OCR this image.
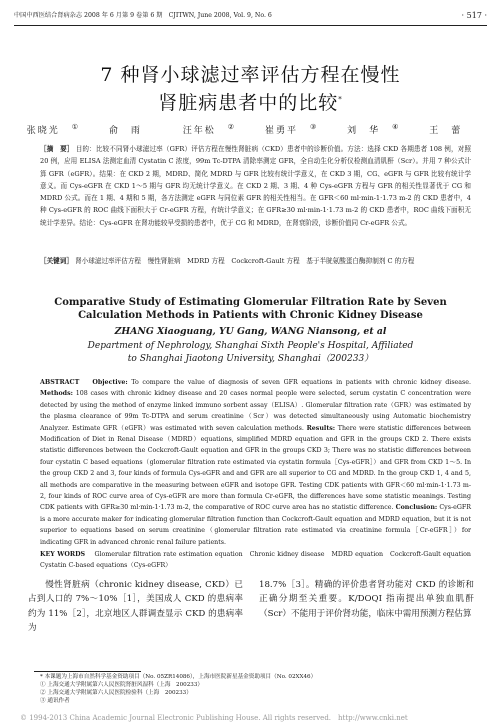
中国中西医结合肾病杂志 2008 年 6 月第 9 卷第 6 期　CJITWN, June 2008, Vol. 9, No. 6	· 517 ·
7 种肾小球滤过率评估方程在慢性
肾脏病患者中的比较*
张晓光 ①	俞　雨	汪年松 ②	崔勇平 ③	刘　华 ④	王　蕾
［摘　要］ 目的：比较不同肾小球滤过率（GFR）评估方程在慢性肾脏病（CKD）患者中的诊断价值。方法：选择 CKD 各期患者 108 例，对照 20 例，应用 ELISA 法测定血清 Cystatin C 浓度，99m Tc-DTPA 清除率测定 GFR，全自动生化分析仪检测血清肌酐（Scr）。并用 7 种公式计算 GFR（eGFR）。结果：在 CKD 2 期，MDRD、简化 MDRD 与 GFR 比较有统计学意义，在 CKD 3 期，CG、eGFR 与 GFR 比较有统计学意义。而 Cys-eGFR 在 CKD 1～5 期与 GFR 均无统计学意义。在 CKD 2 期、3 期、4 种 Cys-eGFR 方程与 GFR 的相关性显著优于 CG 和 MDRD 公式。而在 1 期、4 期和 5 期，各方法测定 eGFR 与同位素 GFR 的相关性相当。在 GFR＜60 ml·min-1·1.73 m-2 的 CKD 患者中，4 种 Cys-eGFR 的 ROC 曲线下面积大于 Cr-eGFR 方程，有统计学意义；在 GFR≥30 ml·min-1·1.73 m-2 的 CKD 患者中，ROC 曲线下面积无统计学差异。结论：Cys-eGFR 在肾功能较早受损的患者中，优于 CG 和 MDRD，在肾衰阶段，诊断价值同 Cr-eGFR 公式。
［关键词］ 肾小球滤过率评估方程　慢性肾脏病　MDRD 方程　Cockcroft-Gault 方程　基于半胱氨酸蛋白酶抑制剂 C 的方程
Comparative Study of Estimating Glomerular Filtration Rate by Seven
Calculation Methods in Patients with Chronic Kidney Disease
ZHANG Xiaoguang, YU Gang, WANG Niansong, et al
Department of Nephrology, Shanghai Sixth People's Hospital, Affiliated
to Shanghai Jiaotong University, Shanghai（200233）
ABSTRACT　 Objective: To compare the value of diagnosis of seven GFR equations in patients with chronic kidney disease. Methods: 108 cases with chronic kidney disease and 20 cases normal people were selected, serum cystatin C concentration were detected by using the method of enzyme linked immuno sorbent assay（ELISA）. Glomerular filtration rate（GFR）was estimated by the plasma clearance of 99m Tc-DTPA and serum creatinine（Scr）was detected simultaneously using Automatic biochemistry Analyzer. Estimate GFR（eGFR）was estimated with seven calculation methods. Results: There were statistic differences between Modification of Diet in Renal Disease（MDRD）equations, simplified MDRD equation and GFR in the groups CKD 2. There exists statistic differences between the Cockcroft-Gault equation and GFR in the groups CKD 3; There was no statistic differences between four cystatin C based equations（glomerular filtration rate estimated via cystatin formula［Cys-eGFR］）and GFR from CKD 1～5. In the group CKD 2 and 3, four kinds of formula Cys-eGFR and and GFR are all superior to CG and MDRD. In the group CKD 1, 4 and 5, all methods are comparative in the measuring between eGFR and isotope GFR. Testing CDK patients with GFR＜60 ml·min-1·1.73 m-2, four kinds of ROC curve area of Cys-eGFR are more than formula Cr-eGFR, the differences have some statistic meanings. Testing CDK patients with GFR≥30 ml·min-1·1.73 m-2, the comparative of ROC curve area has no statistic difference. Conclusion: Cys-eGFR is a more accurate maker for indicating glomerular filtration function than Cockcroft-Gault equation and MDRD equation, but it is not superior to equations based on serum creatinine（glomerular filtration rate estimated via creatinine formula［Cr-eGFR］）for indicating GFR in advanced chronic renal failure patients.
KEY WORDS　 Glomerular filtration rate estimation equation　Chronic kidney disease　MDRD equation　Cockcroft-Gault equation　Cystatin C-based equations（Cys-eGFR）
慢性肾脏病（chronic kidney disease, CKD）已占到人口的 7%～10%［1］，美国成人 CKD 的患病率约为 11%［2］，北京地区人群调查显示 CKD 的患病率为
18.7%［3］。精确的评价患者肾功能对 CKD 的诊断和正确分期至关重要。K/DOQI 指南提出单独血肌酐（Scr）不能用于评价肾功能，临床中需用预测方程估算
* 本课题为上海市自然科学基金资助项目（No. 05ZR14086），上海市医院新星基金资助项目（No. 02XX46）
① 上海交通大学附属第六人民医院肾脏风湿科（上海　200233）
② 上海交通大学附属第六人民医院检验科（上海　200233）
③ 通讯作者
© 1994-2013 China Academic Journal Electronic Publishing House. All rights reserved.　http://www.cnki.net
